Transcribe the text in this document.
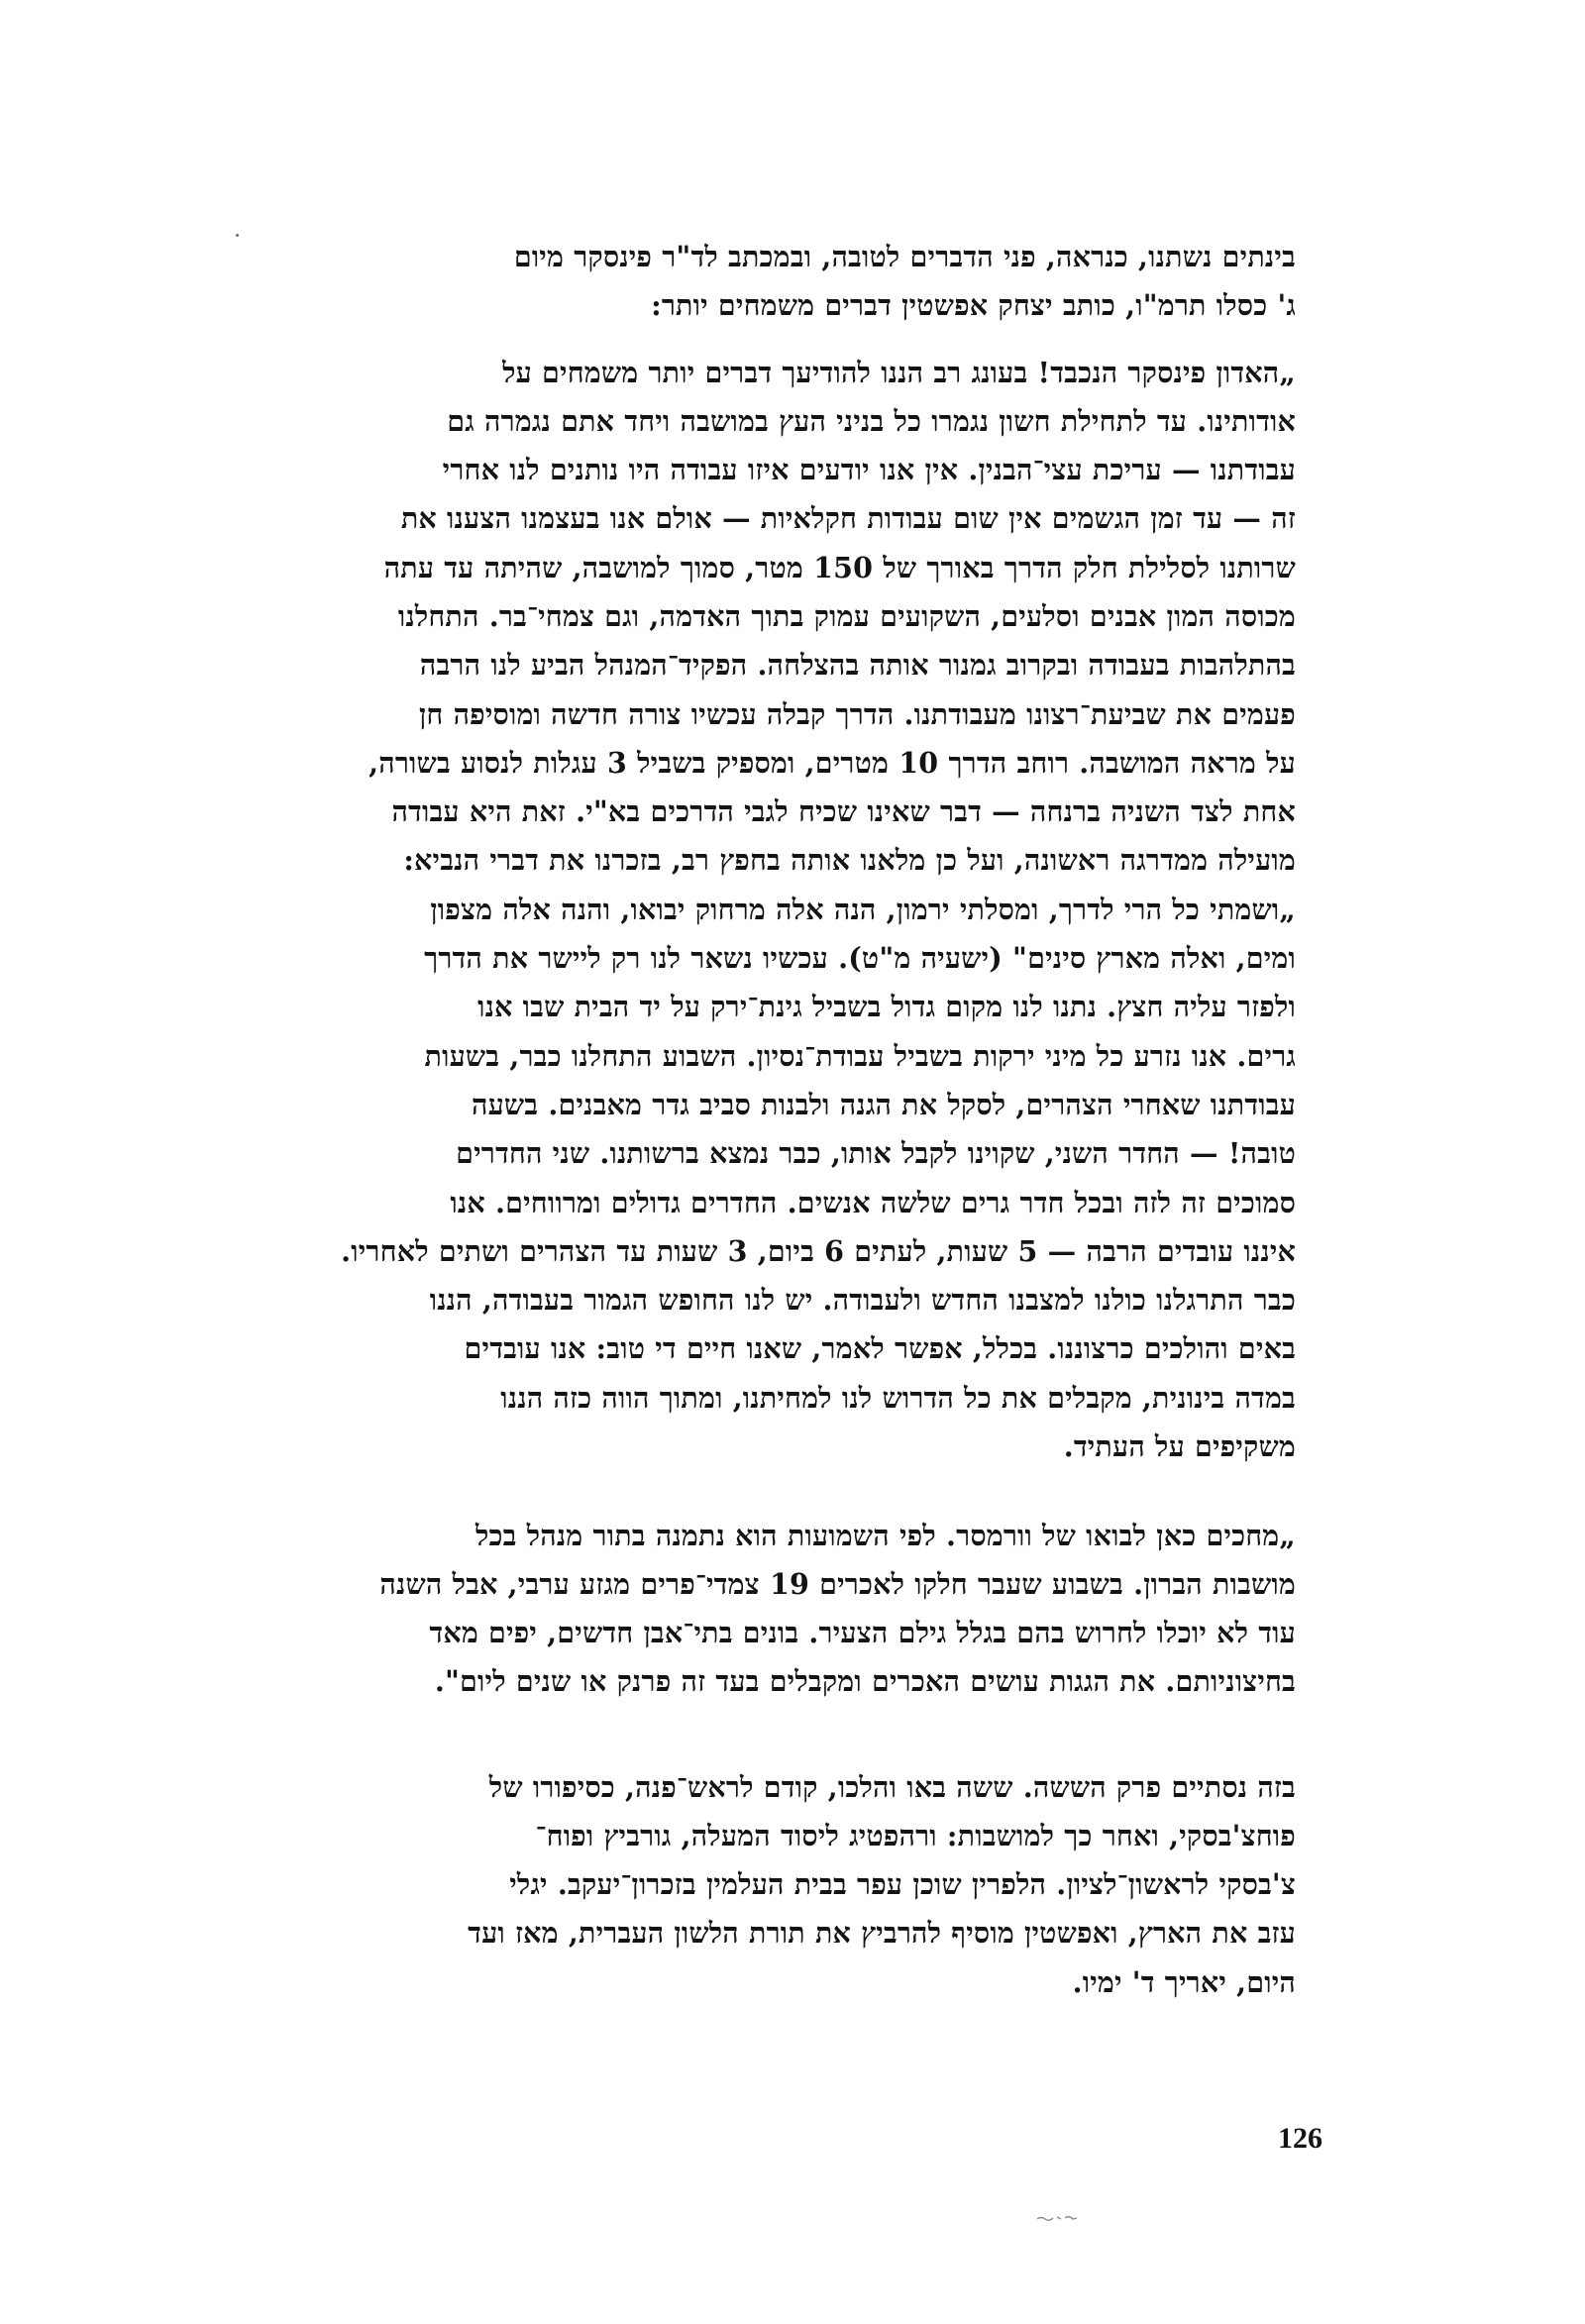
בינתים נשתנו, כנראה, פני הדברים לטובה, ובמכתב לד"ר פינסקר מיום
ג' כסלו תרמ"ו, כותב יצחק אפשטין דברים משמחים יותר:

„האדון פינסקר הנכבד! בעונג רב הננו להודיעך דברים יותר משמחים על
אודותינו. עד לתחילת חשון נגמרו כל בניני העץ במושבה ויחד אתם נגמרה גם
עבודתנו — עריכת עצי־הבנין. אין אנו יודעים איזו עבודה היו נותנים לנו אחרי
זה — עד זמן הגשמים אין שום עבודות חקלאיות — אולם אנו בעצמנו הצענו את
שרותנו לסלילת חלק הדרך באורך של 150 מטר, סמוך למושבה, שהיתה עד עתה
מכוסה המון אבנים וסלעים, השקועים עמוק בתוך האדמה, וגם צמחי־בר. התחלנו
בהתלהבות בעבודה ובקרוב גמנור אותה בהצלחה. הפקיד־המנהל הביע לנו הרבה
פעמים את שביעת־רצונו מעבודתנו. הדרך קבלה עכשיו צורה חדשה ומוסיפה חן
על מראה המושבה. רוחב הדרך 10 מטרים, ומספיק בשביל 3 עגלות לנסוע בשורה,
אחת לצד השניה ברנחה — דבר שאינו שכיח לגבי הדרכים בא"י. זאת היא עבודה
מועילה ממדרגה ראשונה, ועל כן מלאנו אותה בחפץ רב, בזכרנו את דברי הנביא:
„ושמתי כל הרי לדרך, ומסלתי ירמון, הנה אלה מרחוק יבואו, והנה אלה מצפון
ומים, ואלה מארץ סינים" (ישעיה מ"ט). עכשיו נשאר לנו רק ליישר את הדרך
ולפזר עליה חצץ. נתנו לנו מקום גדול בשביל גינת־ירק על יד הבית שבו אנו
גרים. אנו נזרע כל מיני ירקות בשביל עבודת־נסיון. השבוע התחלנו כבר, בשעות
עבודתנו שאחרי הצהרים, לסקל את הגנה ולבנות סביב גדר מאבנים. בשעה
טובה! — החדר השני, שקוינו לקבל אותו, כבר נמצא ברשותנו. שני החדרים
סמוכים זה לזה ובכל חדר גרים שלשה אנשים. החדרים גדולים ומרווחים. אנו
איננו עובדים הרבה — 5 שעות, לעתים 6 ביום, 3 שעות עד הצהרים ושתים לאחריו.
כבר התרגלנו כולנו למצבנו החדש ולעבודה. יש לנו החופש הגמור בעבודה, הננו
באים והולכים כרצוננו. בכלל, אפשר לאמר, שאנו חיים די טוב: אנו עובדים
במדה בינונית, מקבלים את כל הדרוש לנו למחיתנו, ומתוך הווה כזה הננו
משקיפים על העתיד.

„מחכים כאן לבואו של וורמסר. לפי השמועות הוא נתמנה בתור מנהל בכל
מושבות הברון. בשבוע שעבר חלקו לאכרים 19 צמדי־פרים מגזע ערבי, אבל השנה
עוד לא יוכלו לחרוש בהם בגלל גילם הצעיר. בונים בתי־אבן חדשים, יפים מאד
בחיצוניותם. את הגגות עושים האכרים ומקבלים בעד זה פרנק או שנים ליום".

בזה נסתיים פרק הששה. ששה באו והלכו, קודם לראש־פנה, כסיפורו של
פוחצ'בסקי, ואחר כך למושבות: ורהפטיג ליסוד המעלה, גורביץ ופוח־
צ'בסקי לראשון־לציון. הלפרין שוכן עפר בבית העלמין בזכרון־יעקב. יגלי
עזב את הארץ, ואפשטין מוסיף להרביץ את תורת הלשון העברית, מאז ועד
היום, יאריך ד' ימיו.

126
